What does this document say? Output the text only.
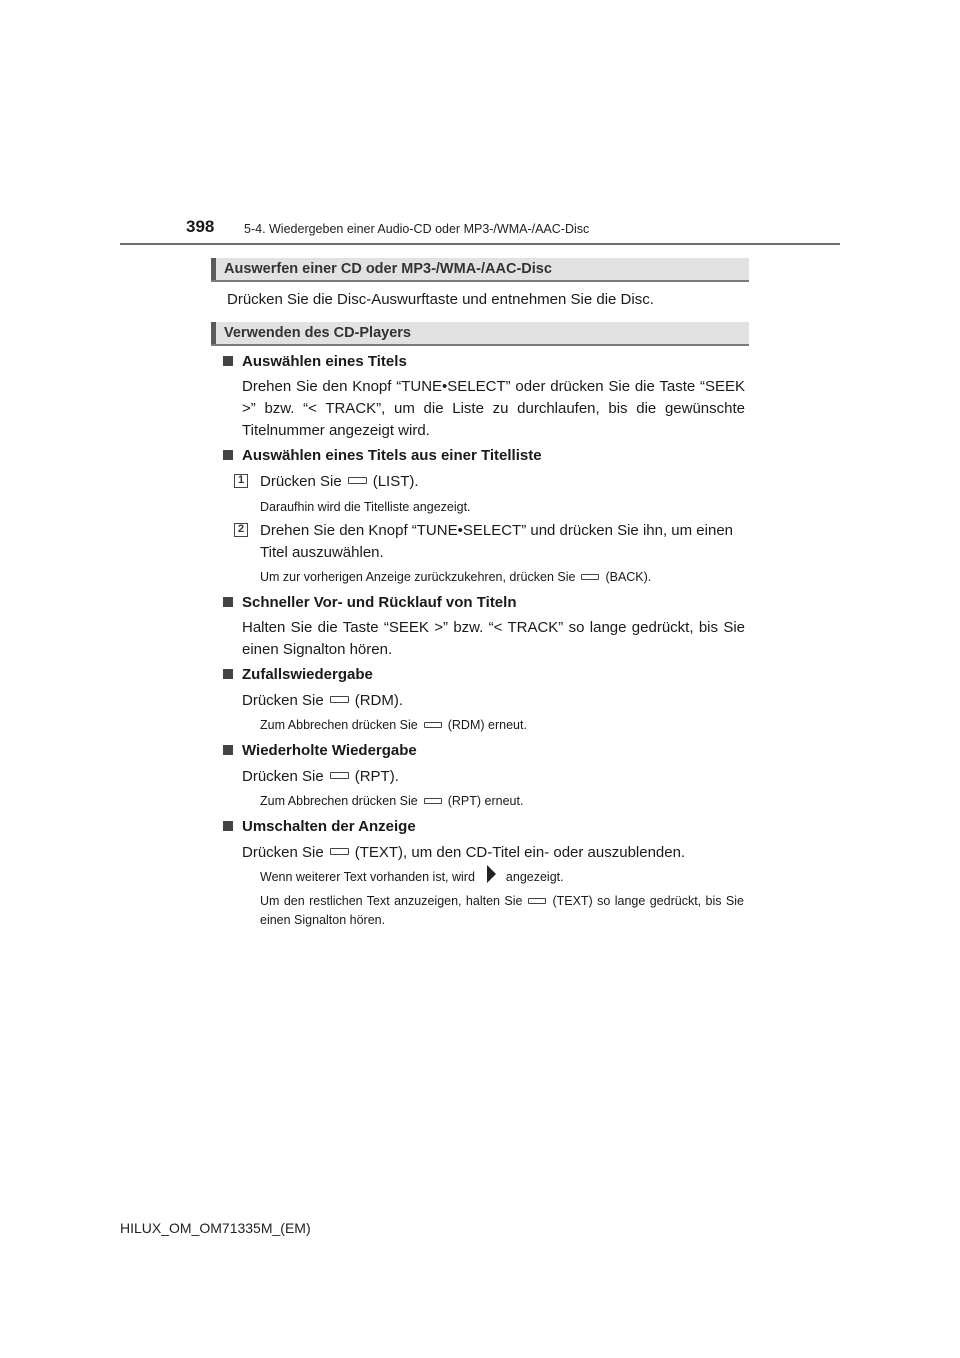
398 5-4. Wiedergeben einer Audio-CD oder MP3-/WMA-/AAC-Disc
Auswerfen einer CD oder MP3-/WMA-/AAC-Disc
Drücken Sie die Disc-Auswurftaste und entnehmen Sie die Disc.
Verwenden des CD-Players
Auswählen eines Titels
Drehen Sie den Knopf “TUNE•SELECT” oder drücken Sie die Taste “SEEK >” bzw. “< TRACK”, um die Liste zu durchlaufen, bis die gewünschte Titelnummer angezeigt wird.
Auswählen eines Titels aus einer Titelliste
1 Drücken Sie (LIST).
Daraufhin wird die Titelliste angezeigt.
2 Drehen Sie den Knopf “TUNE•SELECT” und drücken Sie ihn, um einen Titel auszuwählen.
Um zur vorherigen Anzeige zurückzukehren, drücken Sie (BACK).
Schneller Vor- und Rücklauf von Titeln
Halten Sie die Taste “SEEK >” bzw. “< TRACK” so lange gedrückt, bis Sie einen Signalton hören.
Zufallswiedergabe
Drücken Sie (RDM).
Zum Abbrechen drücken Sie (RDM) erneut.
Wiederholte Wiedergabe
Drücken Sie (RPT).
Zum Abbrechen drücken Sie (RPT) erneut.
Umschalten der Anzeige
Drücken Sie (TEXT), um den CD-Titel ein- oder auszublenden.
Wenn weiterer Text vorhanden ist, wird angezeigt.
Um den restlichen Text anzuzeigen, halten Sie (TEXT) so lange gedrückt, bis Sie einen Signalton hören.
HILUX_OM_OM71335M_(EM)
